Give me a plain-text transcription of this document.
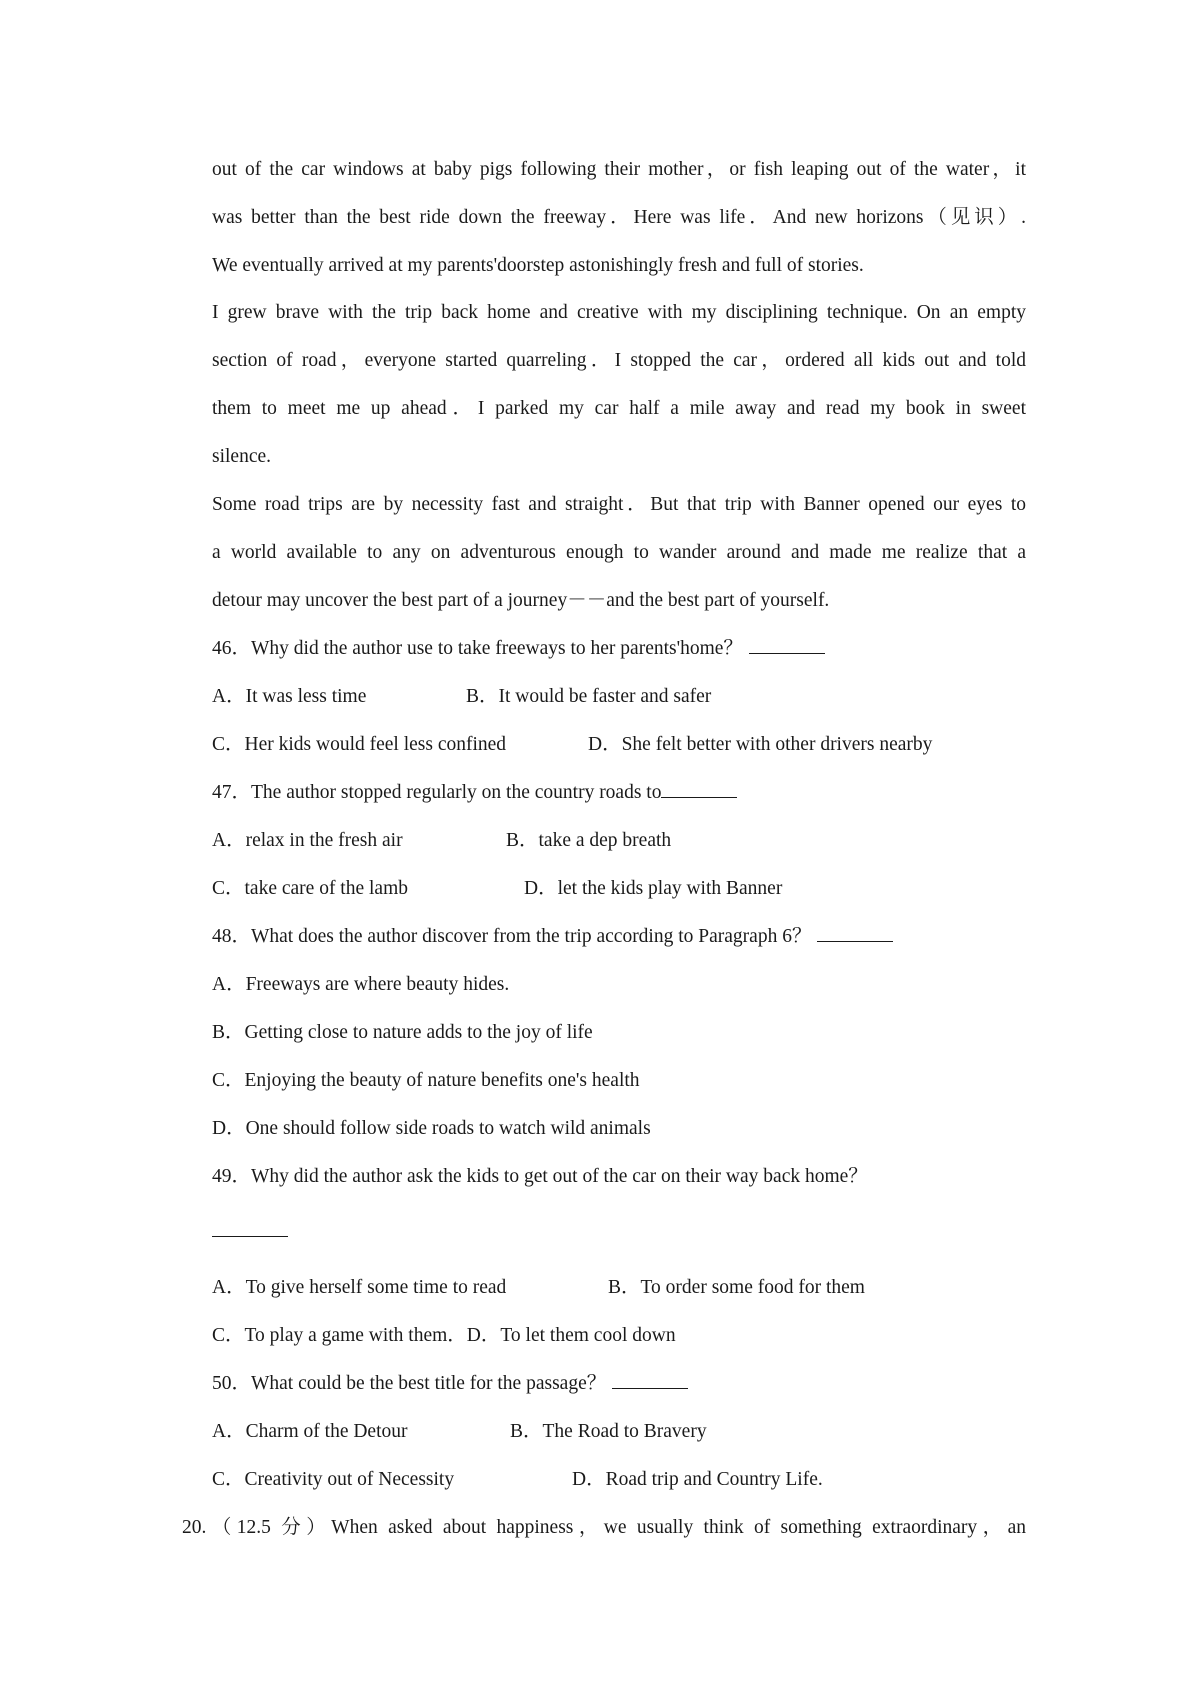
out of the car windows at baby pigs following their mother，or fish leaping out of the water，it
was better than the best ride down the freeway．Here was life．And new horizons（见识）.
We eventually arrived at my parents'doorstep astonishingly fresh and full of stories.
I grew brave with the trip back home and creative with my disciplining technique. On an empty
section of road，everyone started quarreling．I stopped the car，ordered all kids out and told
them to meet me up ahead．I parked my car half a mile away and read my book in sweet
silence.
Some road trips are by necessity fast and straight．But that trip with Banner opened our eyes to
a world available to any on adventurous enough to wander around and made me realize that a
detour may uncover the best part of a journey－－and the best part of yourself.
46．Why did the author use to take freeways to her parents'home？
A．It was less time	B．It would be faster and safer
C．Her kids would feel less confined	D．She felt better with other drivers nearby
47．The author stopped regularly on the country roads to
A．relax in the fresh air	B．take a dep breath
C．take care of the lamb	D．let the kids play with Banner
48．What does the author discover from the trip according to Paragraph 6？
A．Freeways are where beauty hides.
B．Getting close to nature adds to the joy of life
C．Enjoying the beauty of nature benefits one's health
D．One should follow side roads to watch wild animals
49．Why did the author ask the kids to get out of the car on their way back home？
A．To give herself some time to read	B．To order some food for them
C．To play a game with them．D．To let them cool down
50．What could be the best title for the passage？
A．Charm of the Detour	B．The Road to Bravery
C．Creativity out of Necessity	D．Road trip and Country Life.
20.（12.5 分）When asked about happiness，we usually think of something extraordinary，an
